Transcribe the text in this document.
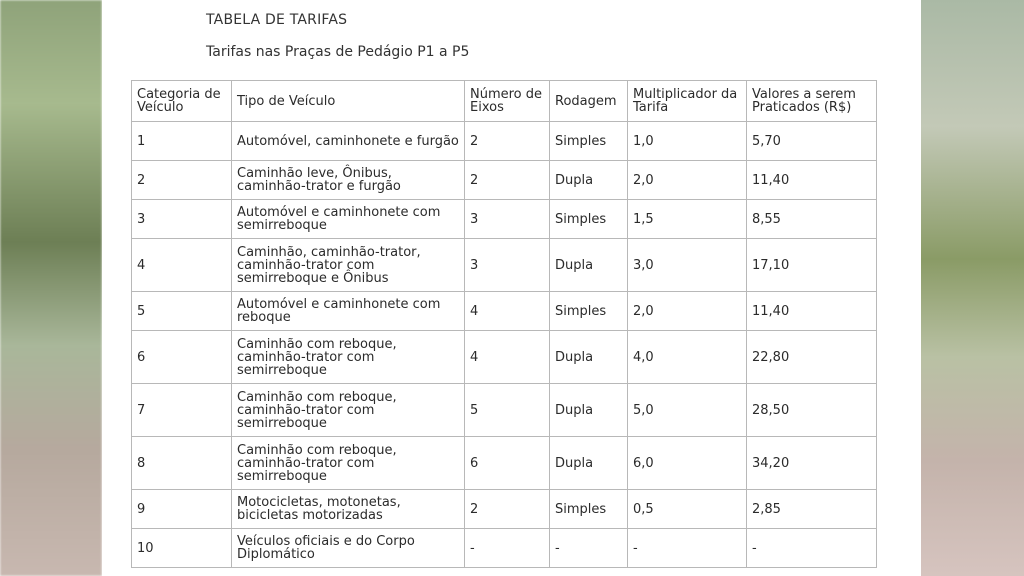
TABELA DE TARIFAS
Tarifas nas Praças de Pedágio P1 a P5
Categoria de Veículo	Tipo de Veículo	Número de Eixos	Rodagem	Multiplicador da Tarifa	Valores a serem Praticados (R$)
1	Automóvel, caminhonete e furgão	2	Simples	1,0	5,70
2	Caminhão leve, Ônibus, caminhão-trator e furgão	2	Dupla	2,0	11,40
3	Automóvel e caminhonete com semirreboque	3	Simples	1,5	8,55
4	Caminhão, caminhão-trator, caminhão-trator com semirreboque e Ônibus	3	Dupla	3,0	17,10
5	Automóvel e caminhonete com reboque	4	Simples	2,0	11,40
6	Caminhão com reboque, caminhão-trator com semirreboque	4	Dupla	4,0	22,80
7	Caminhão com reboque, caminhão-trator com semirreboque	5	Dupla	5,0	28,50
8	Caminhão com reboque, caminhão-trator com semirreboque	6	Dupla	6,0	34,20
9	Motocicletas, motonetas, bicicletas motorizadas	2	Simples	0,5	2,85
10	Veículos oficiais e do Corpo Diplomático	-	-	-	-
